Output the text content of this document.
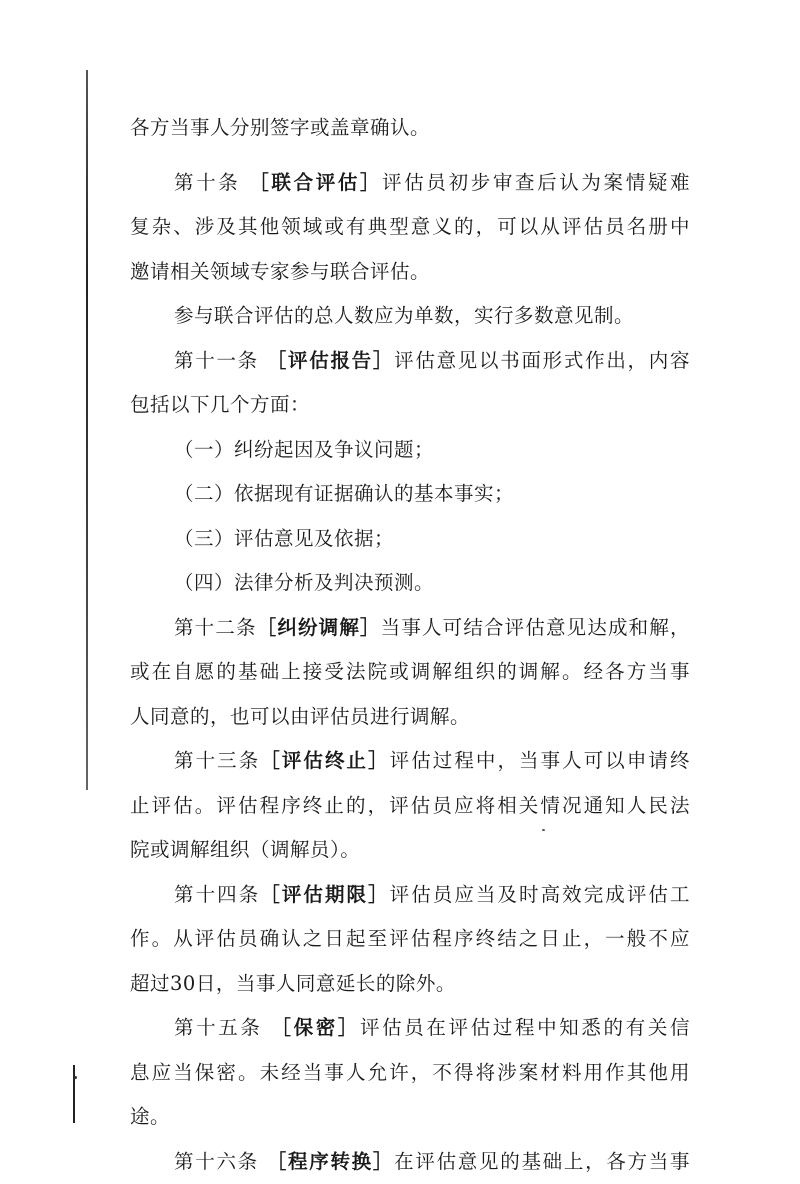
各方当事人分别签字或盖章确认。
第十条 ［联合评估］评估员初步审查后认为案情疑难
复杂、涉及其他领域或有典型意义的，可以从评估员名册中
邀请相关领域专家参与联合评估。
参与联合评估的总人数应为单数，实行多数意见制。
第十一条 ［评估报告］评估意见以书面形式作出，内容
包括以下几个方面：
（一）纠纷起因及争议问题；
（二）依据现有证据确认的基本事实；
（三）评估意见及依据；
（四）法律分析及判决预测。
第十二条［纠纷调解］当事人可结合评估意见达成和解，
或在自愿的基础上接受法院或调解组织的调解。经各方当事
人同意的，也可以由评估员进行调解。
第十三条［评估终止］评估过程中，当事人可以申请终
止评估。评估程序终止的，评估员应将相关情况通知人民法
院或调解组织（调解员）。
第十四条［评估期限］评估员应当及时高效完成评估工
作。从评估员确认之日起至评估程序终结之日止，一般不应
超过30日，当事人同意延长的除外。
第十五条 ［保密］评估员在评估过程中知悉的有关信
息应当保密。未经当事人允许，不得将涉案材料用作其他用
途。
第十六条 ［程序转换］在评估意见的基础上，各方当事
